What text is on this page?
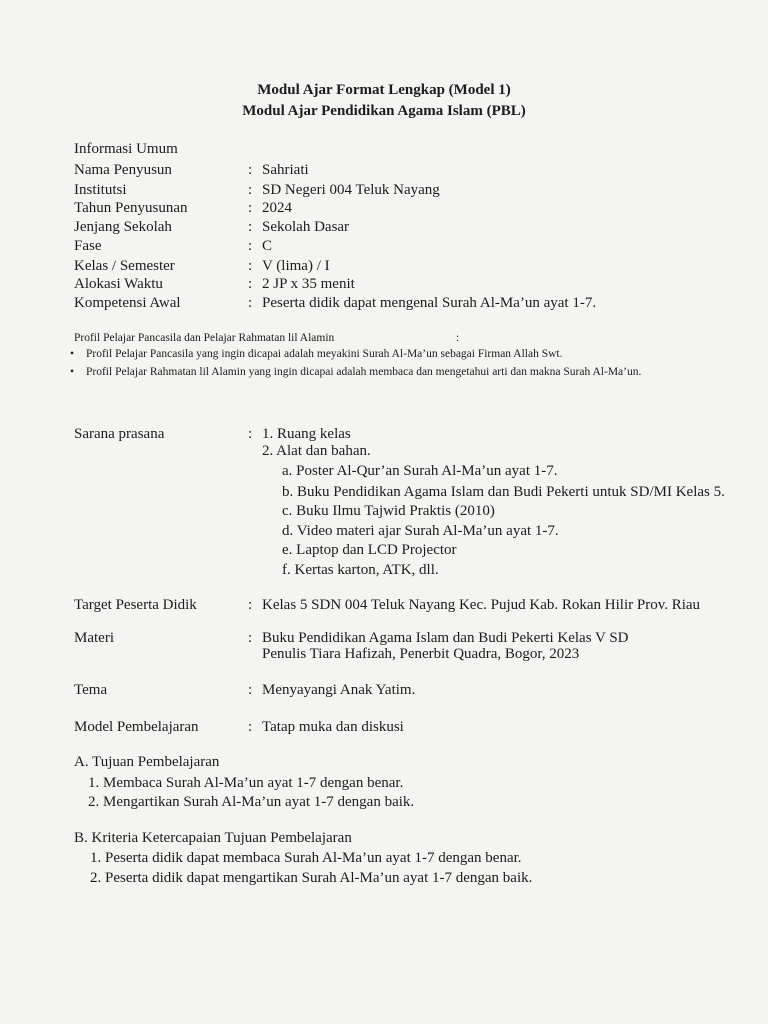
Modul Ajar Format Lengkap (Model 1)
Modul Ajar Pendidikan Agama Islam (PBL)
Informasi Umum
Nama Penyusun	: Sahriati
Institutsi	: SD Negeri 004 Teluk Nayang
Tahun Penyusunan	: 2024
Jenjang Sekolah	: Sekolah Dasar
Fase	: C
Kelas / Semester	: V (lima) / I
Alokasi Waktu	: 2 JP x 35 menit
Kompetensi Awal	: Peserta didik dapat mengenal Surah Al-Ma’un ayat 1-7.
Profil Pelajar Pancasila dan Pelajar Rahmatan lil Alamin	:
• Profil Pelajar Pancasila yang ingin dicapai adalah meyakini Surah Al-Ma’un sebagai Firman Allah Swt.
• Profil Pelajar Rahmatan lil Alamin yang ingin dicapai adalah membaca dan mengetahui arti dan makna Surah Al-Ma’un.
Sarana prasana	: 1. Ruang kelas
2. Alat dan bahan.
a. Poster Al-Qur’an Surah Al-Ma’un ayat 1-7.
b. Buku Pendidikan Agama Islam dan Budi Pekerti untuk SD/MI Kelas 5.
c. Buku Ilmu Tajwid Praktis (2010)
d. Video materi ajar Surah Al-Ma’un ayat 1-7.
e. Laptop dan LCD Projector
f. Kertas karton, ATK, dll.
Target Peserta Didik	: Kelas 5 SDN 004 Teluk Nayang Kec. Pujud Kab. Rokan Hilir Prov. Riau
Materi	: Buku Pendidikan Agama Islam dan Budi Pekerti Kelas V SD
Penulis Tiara Hafizah, Penerbit Quadra, Bogor, 2023
Tema	: Menyayangi Anak Yatim.
Model Pembelajaran	: Tatap muka dan diskusi
A. Tujuan Pembelajaran
1. Membaca Surah Al-Ma’un ayat 1-7 dengan benar.
2. Mengartikan Surah Al-Ma’un ayat 1-7 dengan baik.
B. Kriteria Ketercapaian Tujuan Pembelajaran
1. Peserta didik dapat membaca Surah Al-Ma’un ayat 1-7 dengan benar.
2. Peserta didik dapat mengartikan Surah Al-Ma’un ayat 1-7 dengan baik.
